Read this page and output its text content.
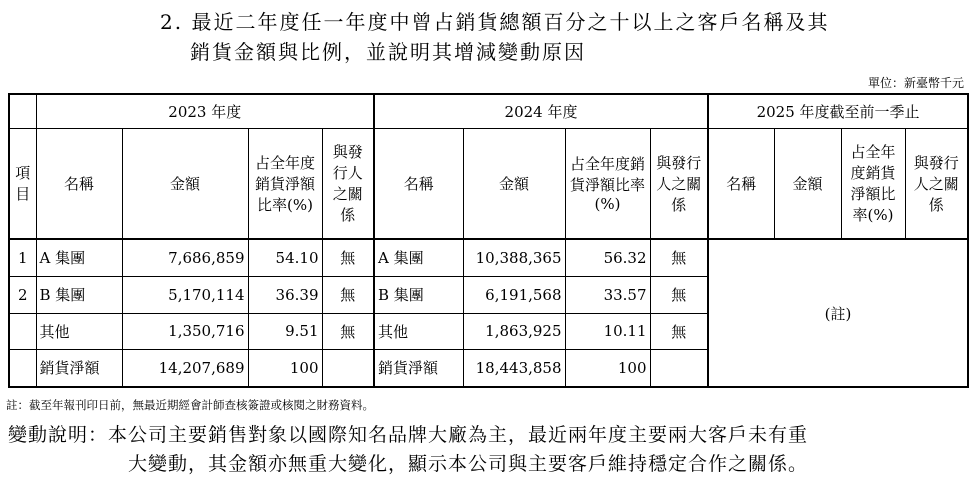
2. 最近二年度任一年度中曾占銷貨總額百分之十以上之客戶名稱及其
銷貨金額與比例，並說明其增減變動原因
單位：新臺幣千元
	2023 年度				2024 年度				2025 年度截至前一季止			
項目	名稱	金額	占全年度銷貨淨額比率(%)	與發行人之關係	名稱	金額	占全年度銷貨淨額比率(%)	與發行人之關係	名稱	金額	占全年度銷貨淨額比率(%)	與發行人之關係
1	A 集團	7,686,859	54.10	無	A 集團	10,388,365	56.32	無	(註)			
2	B 集團	5,170,114	36.39	無	B 集團	6,191,568	33.57	無				
	其他	1,350,716	9.51	無	其他	1,863,925	10.11	無				
	銷貨淨額	14,207,689	100		銷貨淨額	18,443,858	100					
註：截至年報刊印日前，無最近期經會計師查核簽證或核閱之財務資料。
變動說明：本公司主要銷售對象以國際知名品牌大廠為主，最近兩年度主要兩大客戶未有重
大變動，其金額亦無重大變化，顯示本公司與主要客戶維持穩定合作之關係。
